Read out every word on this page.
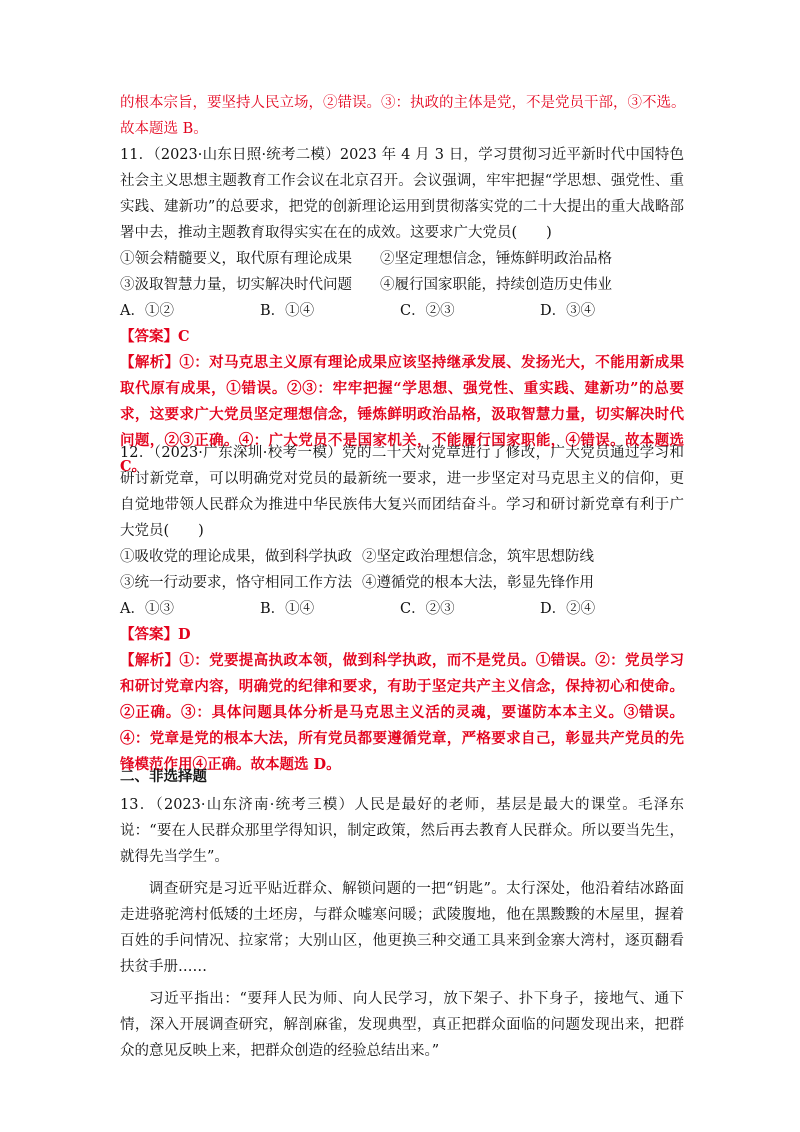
的根本宗旨，要坚持人民立场，②错误。③：执政的主体是党，不是党员干部，③不选。

故本题选 B。

11．（2023·山东日照·统考二模）2023 年 4 月 3 日，学习贯彻习近平新时代中国特色社会主义思想主题教育工作会议在北京召开。会议强调，牢牢把握“学思想、强党性、重实践、建新功”的总要求，把党的创新理论运用到贯彻落实党的二十大提出的重大战略部署中去，推动主题教育取得实实在在的成效。这要求广大党员(　　)

①领会精髓要义，取代原有理论成果 ②坚定理想信念，锤炼鲜明政治品格
③汲取智慧力量，切实解决时代问题 ④履行国家职能，持续创造历史伟业
A．①②	B．①④	C．②③	D．③④

【答案】C

【解析】①：对马克思主义原有理论成果应该坚持继承发展、发扬光大，不能用新成果取代原有成果，①错误。②③：牢牢把握“学思想、强党性、重实践、建新功”的总要求，这要求广大党员坚定理想信念，锤炼鲜明政治品格，汲取智慧力量，切实解决时代问题，②③正确。④：广大党员不是国家机关，不能履行国家职能，④错误。故本题选 C。

12．（2023·广东深圳·校考一模）党的二十大对党章进行了修改，广大党员通过学习和研讨新党章，可以明确党对党员的最新统一要求，进一步坚定对马克思主义的信仰，更自觉地带领人民群众为推进中华民族伟大复兴而团结奋斗。学习和研讨新党章有利于广大党员(　　)

①吸收党的理论成果，做到科学执政 ②坚定政治理想信念，筑牢思想防线
③统一行动要求，恪守相同工作方法 ④遵循党的根本大法，彰显先锋作用
A．①③	B．①④	C．②③	D．②④

【答案】D

【解析】①：党要提高执政本领，做到科学执政，而不是党员。①错误。②：党员学习和研讨党章内容，明确党的纪律和要求，有助于坚定共产主义信念，保持初心和使命。②正确。③：具体问题具体分析是马克思主义活的灵魂，要谨防本本主义。③错误。④：党章是党的根本大法，所有党员都要遵循党章，严格要求自己，彰显共产党员的先锋模范作用④正确。故本题选 D。

二、非选择题

13．（2023·山东济南·统考三模）人民是最好的老师，基层是最大的课堂。毛泽东说：“要在人民群众那里学得知识，制定政策，然后再去教育人民群众。所以要当先生，就得先当学生”。

调查研究是习近平贴近群众、解锁问题的一把“钥匙”。太行深处，他沿着结冰路面走进骆驼湾村低矮的土坯房，与群众嘘寒问暖；武陵腹地，他在黑黢黢的木屋里，握着百姓的手问情况、拉家常；大别山区，他更换三种交通工具来到金寨大湾村，逐页翻看扶贫手册……

习近平指出：“要拜人民为师、向人民学习，放下架子、扑下身子，接地气、通下情，深入开展调查研究，解剖麻雀，发现典型，真正把群众面临的问题发现出来，把群众的意见反映上来，把群众创造的经验总结出来。”
